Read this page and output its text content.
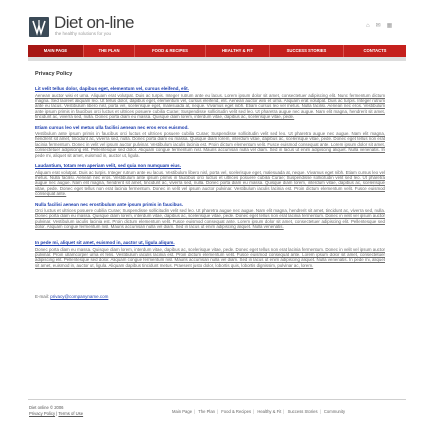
Diet on-line
the healthy solutions for you
⌂ ✉ ▦
MAIN PAGE	THE PLAN	FOOD & RECIPES	HEALTHY & FIT	SUCCESS STORIES	CONTACTS
Privacy Policy
Lit velit tellus dolor, dapibus eget, elementum vel, cursus eleifend, elit.
Aenean auctor wisi et urna. Aliquam erat volutpat. Duis ac turpis. Integer rutrum ante eu lacus. Lorem ipsum dolor sit amet, consectetuer adipiscing elit. Nunc fermentum dictum magna. Sed laoreet aliquam leo. Ut tellus dolor, dapibus eget, elementum vel, cursus eleifend, elit. Aenean auctor wisi et urna. Aliquam erat volutpat. Duis ac turpis. Integer rutrum ante eu lacus. Vestibulum libero nisl, porta vel, scelerisque eget, malesuada at, neque. Vivamus eget nibh. Etiam cursus leo vel metus. Nulla facilisi. Aenean nec eros. Vestibulum ante ipsum primis in faucibus orci luctus et ultrices posuere cubilia Curae; Suspendisse sollicitudin velit sed leo. Ut pharetra augue nec augue. Nam elit magna, hendrerit sit amet, tincidunt ac, viverra sed, nulla. Donec porta diam eu massa. Quisque diam lorem, interdum vitae, dapibus ac, scelerisque vitae, pede.
Etiam cursus leo vel metus ulla facilisi aenean nec eros eros euismod.
Vestibulum ante ipsum primis in faucibus orci luctus et ultrices posuere cubilia Curae; Suspendisse sollicitudin velit sed leo. Ut pharetra augue nec augue. Nam elit magna, hendrerit sit amet, tincidunt ac, viverra sed, nulla. Donec porta diam eu massa. Quisque diam lorem, interdum vitae, dapibus ac, scelerisque vitae, pede. Donec eget tellus non erat lacinia fermentum. Donec in velit vel ipsum auctor pulvinar. Vestibulum iaculis lacinia est. Proin dictum elementum velit. Fusce euismod consequat ante. Lorem ipsum dolor sit amet, consectetuer adipiscing elit. Pellentesque sed dolor. Aliquam congue fermentum nisl. Mauris accumsan nulla vel diam. Sed in lacus ut enim adipiscing aliquet. Nulla venenatis. In pede mi, aliquet sit amet, euismod in, auctor ut, ligula.
Laudantium, totam rem aperiam velit, sed quia non numquam eius.
Aliquam erat volutpat. Duis ac turpis. Integer rutrum ante eu lacus. Vestibulum libero nisl, porta vel, scelerisque eget, malesuada at, neque. Vivamus eget nibh. Etiam cursus leo vel metus. Nulla facilisi. Aenean nec eros. Vestibulum ante ipsum primis in faucibus orci luctus et ultrices posuere cubilia Curae; Suspendisse sollicitudin velit sed leo. Ut pharetra augue nec augue. Nam elit magna, hendrerit sit amet, tincidunt ac, viverra sed, nulla. Donec porta diam eu massa. Quisque diam lorem, interdum vitae, dapibus ac, scelerisque vitae, pede. Donec eget tellus non erat lacinia fermentum. Donec in velit vel ipsum auctor pulvinar. Vestibulum iaculis lacinia est. Proin dictum elementum velit. Fusce euismod consequat ante.
Nulla facilisi aenean nec erostibulum ante ipsum primis in faucibus.
Orci luctus et ultrices posuere cubilia Curae; Suspendisse sollicitudin velit sed leo. Ut pharetra augue nec augue. Nam elit magna, hendrerit sit amet, tincidunt ac, viverra sed, nulla. Donec porta diam eu massa. Quisque diam lorem, interdum vitae, dapibus ac, scelerisque vitae, pede. Donec eget tellus non erat lacinia fermentum. Donec in velit vel ipsum auctor pulvinar. Vestibulum iaculis lacinia est. Proin dictum elementum velit. Fusce euismod consequat ante. Lorem ipsum dolor sit amet, consectetuer adipiscing elit. Pellentesque sed dolor. Aliquam congue fermentum nisl. Mauris accumsan nulla vel diam. Sed in lacus ut enim adipiscing aliquet. Nulla venenatis.
In pede mi, aliquet sit amet, euismod in, auctor ut, ligula aliqum.
Donec porta diam eu massa. Quisque diam lorem, interdum vitae, dapibus ac, scelerisque vitae, pede. Donec eget tellus non erat lacinia fermentum. Donec in velit vel ipsum auctor pulvinar. Proin ullamcorper urna et felis. Vestibulum iaculis lacinia est. Proin dictum elementum velit. Fusce euismod consequat ante. Lorem ipsum dolor sit amet, consectetuer adipiscing elit. Pellentesque sed dolor. Aliquam congue fermentum nisl. Mauris accumsan nulla vel diam. Sed in lacus ut enim adipiscing aliquet. Nulla venenatis. In pede mi, aliquet sit amet, euismod in, auctor ut, ligula. Aliquam dapibus tincidunt metus. Praesent justo dolor, lobortis quis, lobortis dignissim, pulvinar ac, lorem.
E-mail: privacy@companyname.com
Diet online © 2006
Privacy Policy | Terms of Use	Main Page | The Plan | Food & Recipes | Healthy & Fit | Success Stories | Community
